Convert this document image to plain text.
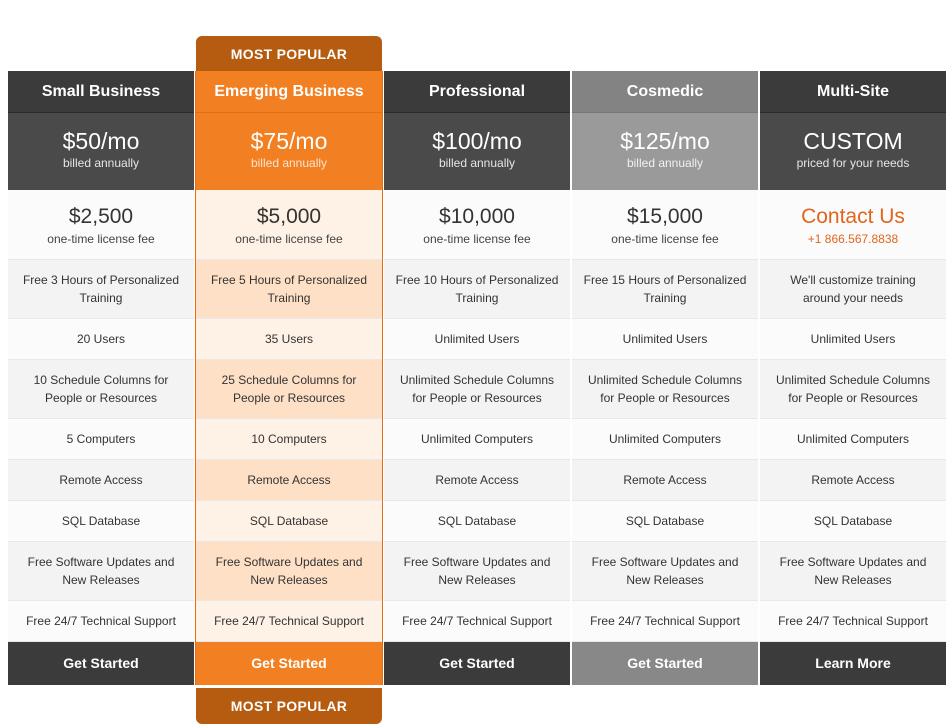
MOST POPULAR
Small Business
$50/mo
billed annually
$2,500
one-time license fee
Free 3 Hours of Personalized Training
20 Users
10 Schedule Columns for People or Resources
5 Computers
Remote Access
SQL Database
Free Software Updates and New Releases
Free 24/7 Technical Support
Get Started
Emerging Business
$75/mo
billed annually
$5,000
one-time license fee
Free 5 Hours of Personalized Training
35 Users
25 Schedule Columns for People or Resources
10 Computers
Remote Access
SQL Database
Free Software Updates and New Releases
Free 24/7 Technical Support
Get Started
Professional
$100/mo
billed annually
$10,000
one-time license fee
Free 10 Hours of Personalized Training
Unlimited Users
Unlimited Schedule Columns for People or Resources
Unlimited Computers
Remote Access
SQL Database
Free Software Updates and New Releases
Free 24/7 Technical Support
Get Started
Cosmedic
$125/mo
billed annually
$15,000
one-time license fee
Free 15 Hours of Personalized Training
Unlimited Users
Unlimited Schedule Columns for People or Resources
Unlimited Computers
Remote Access
SQL Database
Free Software Updates and New Releases
Free 24/7 Technical Support
Get Started
Multi-Site
CUSTOM
priced for your needs
Contact Us
+1 866.567.8838
We'll customize training around your needs
Unlimited Users
Unlimited Schedule Columns for People or Resources
Unlimited Computers
Remote Access
SQL Database
Free Software Updates and New Releases
Free 24/7 Technical Support
Learn More
MOST POPULAR
